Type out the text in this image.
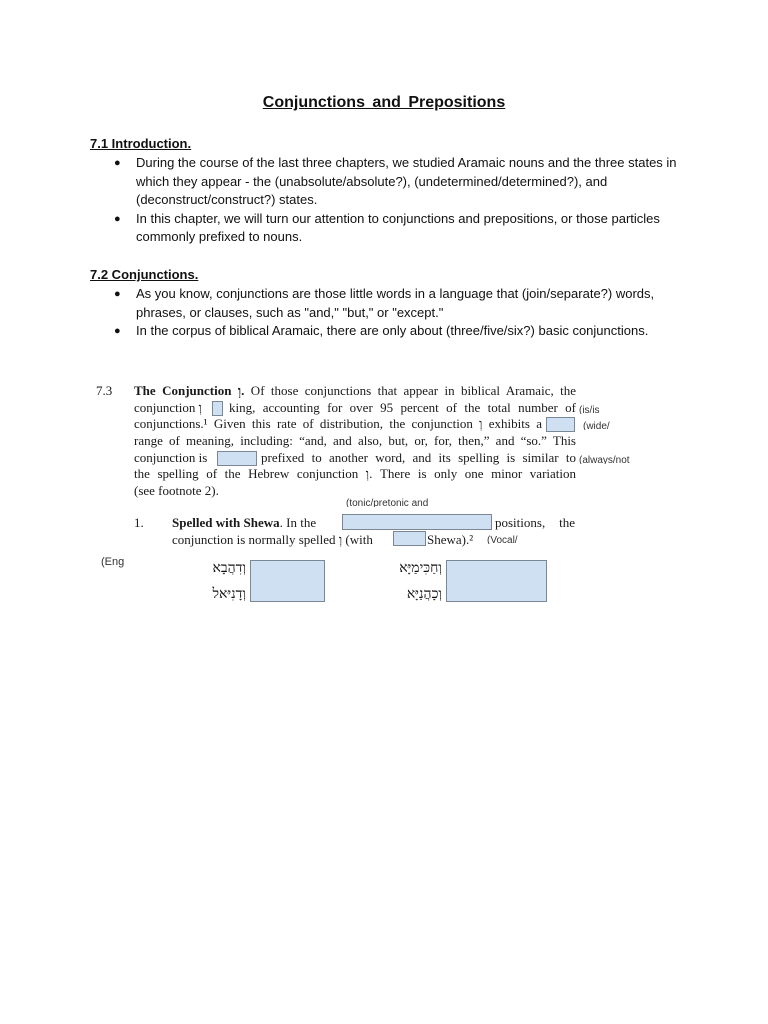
Conjunctions and Prepositions
7.1 Introduction.
● During the course of the last three chapters, we studied Aramaic nouns and the three states in which they appear - the (unabsolute/absolute?), (undetermined/determined?), and (deconstruct/construct?) states.
● In this chapter, we will turn our attention to conjunctions and prepositions, or those particles commonly prefixed to nouns.
7.2 Conjunctions.
● As you know, conjunctions are those little words in a language that (join/separate?) words, phrases, or clauses, such as "and," "but," or "except."
● In the corpus of biblical Aramaic, there are only about (three/five/six?) basic conjunctions.
7.3	The Conjunction וְ. Of those conjunctions that appear in biblical Aramaic, the
conjunction וְ	king, accounting for over 95 percent of the total number of
conjunctions.¹ Given this rate of distribution, the conjunction וְ exhibits a
range of meaning, including: “and, and also, but, or, for, then,” and “so.” This
conjunction is	prefixed to another word, and its spelling is similar to
the spelling of the Hebrew conjunction וְ. There is only one minor variation
(see footnote 2).
(is/is
(wide/
(always/not
(tonic/pretonic and
1.	Spelled with Shewa. In the	positions, the
conjunction is normally spelled וְ (with	Shewa).²	(Vocal/
(Eng	וְדִהֲבָא	וְחַכִּימַיָּא
וְדָנִיּאל	וְכָהֲנַיָּא
